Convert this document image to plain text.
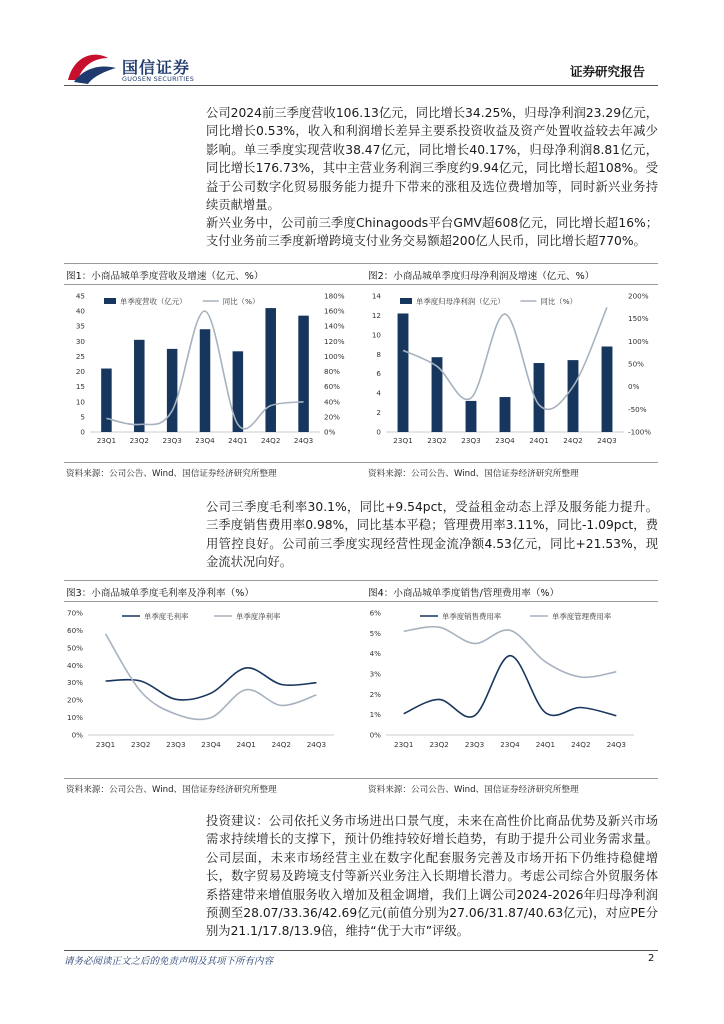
国信证券
GUOSEN SECURITIES	证券研究报告

公司2024前三季度营收106.13亿元，同比增长34.25%，归母净利润23.29亿元，同比增长0.53%，收入和利润增长差异主要系投资收益及资产处置收益较去年减少影响。单三季度实现营收38.47亿元，同比增长40.17%，归母净利润8.81亿元，同比增长176.73%，其中主营业务利润三季度约9.94亿元，同比增长超108%。受益于公司数字化贸易服务能力提升下带来的涨租及选位费增加等，同时新兴业务持续贡献增量。

新兴业务中，公司前三季度Chinagoods平台GMV超608亿元，同比增长超16%；支付业务前三季度新增跨境支付业务交易额超200亿人民币，同比增长超770%。

图1：小商品城单季度营收及增速（亿元、%）	图2：小商品城单季度归母净利润及增速（亿元、%）
0
5
10
15
20
25
30
35
40
45
0%
20%
40%
60%
80%
100%
120%
140%
160%
180%
23Q1 23Q2 23Q3 23Q4 24Q1 24Q2 24Q3
单季度营收（亿元）	同比（%）
0
2
4
6
8
10
12
14
-100%
-50%
0%
50%
100%
150%
200%
23Q1 23Q2 23Q3 23Q4 24Q1 24Q2 24Q3
单季度归母净利润（亿元）	同比（%）
资料来源：公司公告、Wind、国信证券经济研究所整理	资料来源：公司公告、Wind、国信证券经济研究所整理

公司三季度毛利率30.1%，同比+9.54pct，受益租金动态上浮及服务能力提升。三季度销售费用率0.98%，同比基本平稳；管理费用率3.11%，同比-1.09pct，费用管控良好。公司前三季度实现经营性现金流净额4.53亿元，同比+21.53%，现金流状况向好。

图3：小商品城单季度毛利率及净利率（%）	图4：小商品城单季度销售/管理费用率（%）
0%
10%
20%
30%
40%
50%
60%
70%
23Q1 23Q2 23Q3 23Q4 24Q1 24Q2 24Q3
单季度毛利率	单季度净利率
0%
1%
2%
3%
4%
5%
6%
23Q1 23Q2 23Q3 23Q4 24Q1 24Q2 24Q3
单季度销售费用率	单季度管理费用率
资料来源：公司公告、Wind、国信证券经济研究所整理	资料来源：公司公告、Wind、国信证券经济研究所整理

投资建议：公司依托义务市场进出口景气度，未来在高性价比商品优势及新兴市场需求持续增长的支撑下，预计仍维持较好增长趋势，有助于提升公司业务需求量。公司层面，未来市场经营主业在数字化配套服务完善及市场开拓下仍维持稳健增长，数字贸易及跨境支付等新兴业务注入长期增长潜力。考虑公司综合外贸服务体系搭建带来增值服务收入增加及租金调增，我们上调公司2024-2026年归母净利润预测至28.07/33.36/42.69亿元(前值分别为27.06/31.87/40.63亿元)，对应PE分别为21.1/17.8/13.9倍，维持“优于大市”评级。

请务必阅读正文之后的免责声明及其项下所有内容	2
